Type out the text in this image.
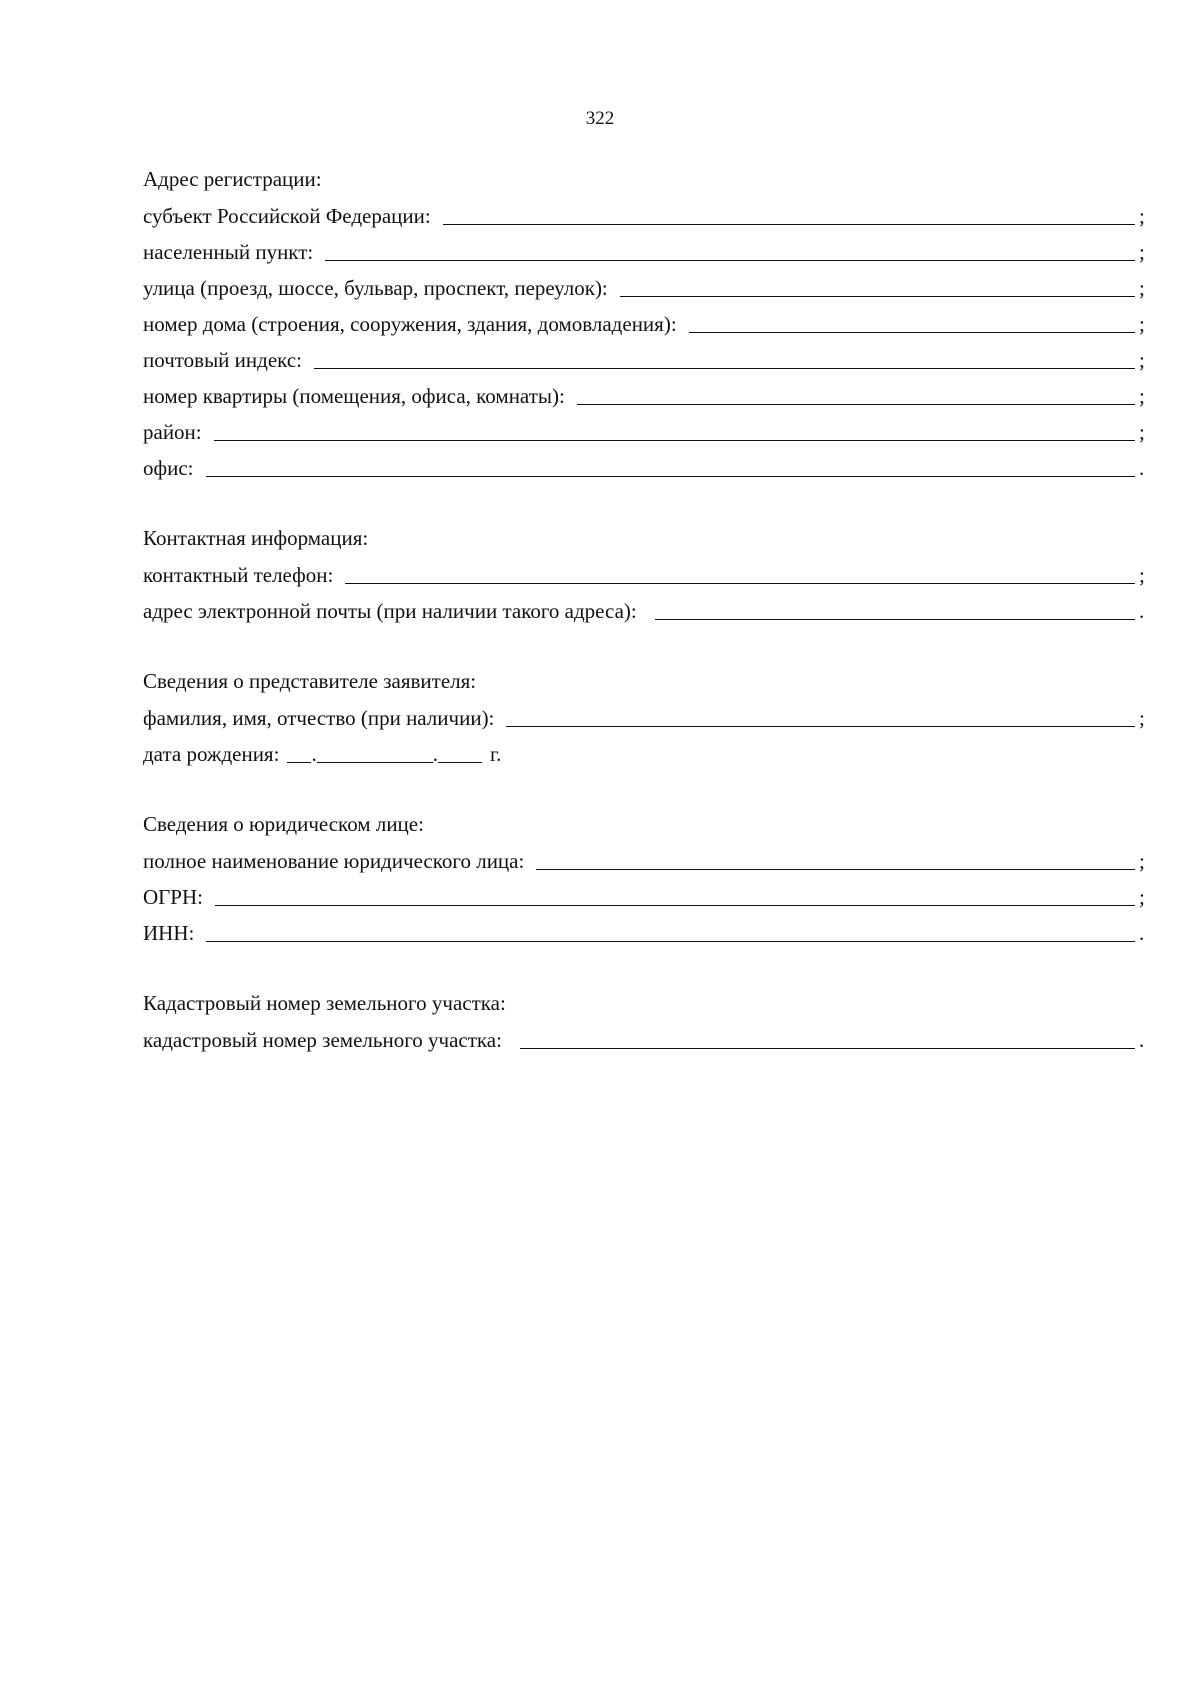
322
Адрес регистрации:
субъект Российской Федерации:	;
населенный пункт:	;
улица (проезд, шоссе, бульвар, проспект, переулок):	;
номер дома (строения, сооружения, здания, домовладения):	;
почтовый индекс:	;
номер квартиры (помещения, офиса, комнаты):	;
район:	;
офис:	.
Контактная информация:
контактный телефон:	;
адрес электронной почты (при наличии такого адреса):	.
Сведения о представителе заявителя:
фамилия, имя, отчество (при наличии):	;
дата рождения: .	. г.
Сведения о юридическом лице:
полное наименование юридического лица:	;
ОГРН:	;
ИНН:	.
Кадастровый номер земельного участка:
кадастровый номер земельного участка:	.
